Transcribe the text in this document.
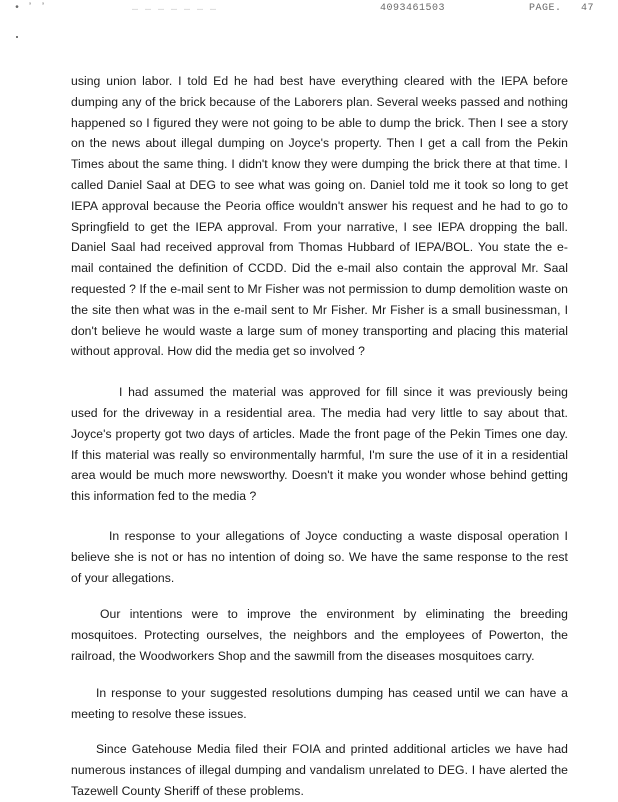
• ʼ ʼ	… … … … … … …	4093461503	PAGE.   47

using union labor. I told Ed he had best have everything cleared with the IEPA before dumping any of the brick because of the Laborers plan. Several weeks passed and nothing happened so I figured they were not going to be able to dump the brick. Then I see a story on the news about illegal dumping on Joyce's property. Then I get a call from the Pekin Times about the same thing. I didn't know they were dumping the brick there at that time. I called Daniel Saal at DEG to see what was going on. Daniel told me it took so long to get IEPA approval because the Peoria office wouldn't answer his request and he had to go to Springfield to get the IEPA approval. From your narrative, I see IEPA dropping the ball. Daniel Saal had received approval from Thomas Hubbard of IEPA/BOL. You state the e-mail contained the definition of CCDD. Did the e-mail also contain the approval Mr. Saal requested ? If the e-mail sent to Mr Fisher was not permission to dump demolition waste on the site then what was in the e-mail sent to Mr Fisher. Mr Fisher is a small businessman, I don't believe he would waste a large sum of money transporting and placing this material without approval. How did the media get so involved ?

I had assumed the material was approved for fill since it was previously being used for the driveway in a residential area. The media had very little to say about that. Joyce's property got two days of articles. Made the front page of the Pekin Times one day. If this material was really so environmentally harmful, I'm sure the use of it in a residential area would be much more newsworthy. Doesn't it make you wonder whose behind getting this information fed to the media ?

In response to your allegations of Joyce conducting a waste disposal operation I believe she is not or has no intention of doing so. We have the same response to the rest of your allegations.

Our intentions were to improve the environment by eliminating the breeding mosquitoes. Protecting ourselves, the neighbors and the employees of Powerton, the railroad, the Woodworkers Shop and the sawmill from the diseases mosquitoes carry.

In response to your suggested resolutions dumping has ceased until we can have a meeting to resolve these issues.

Since Gatehouse Media filed their FOIA and printed additional articles we have had numerous instances of illegal dumping and vandalism unrelated to DEG. I have alerted the Tazewell County Sheriff of these problems.
